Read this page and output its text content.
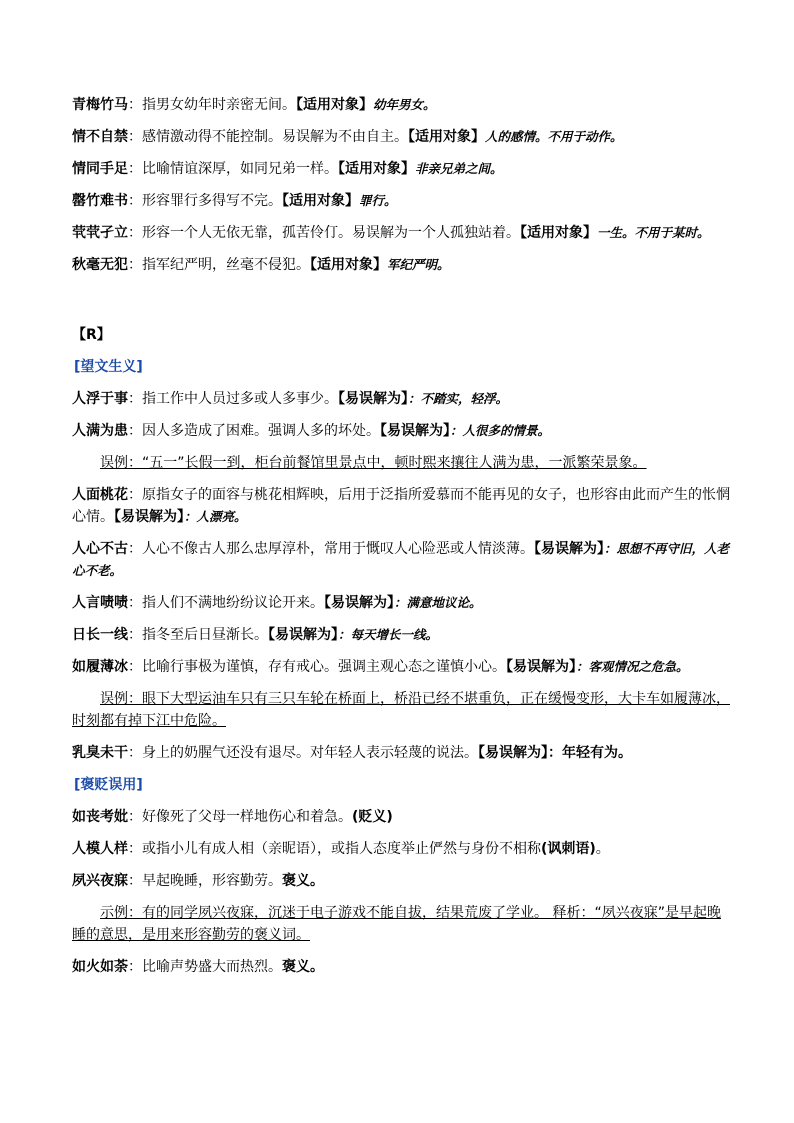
青梅竹马：指男女幼年时亲密无间。【适用对象】幼年男女。

情不自禁：感情激动得不能控制。易误解为不由自主。【适用对象】人的感情。不用于动作。

情同手足：比喻情谊深厚，如同兄弟一样。【适用对象】非亲兄弟之间。

罄竹难书：形容罪行多得写不完。【适用对象】罪行。

茕茕孑立：形容一个人无依无靠，孤苦伶仃。易误解为一个人孤独站着。【适用对象】一生。不用于某时。

秋毫无犯：指军纪严明，丝毫不侵犯。【适用对象】军纪严明。

【R】

[望文生义]

人浮于事：指工作中人员过多或人多事少。【易误解为】：不踏实，轻浮。

人满为患：因人多造成了困难。强调人多的坏处。【易误解为】：人很多的情景。

误例：“五一”长假一到，柜台前餐馆里景点中，顿时熙来攘往人满为患，一派繁荣景象。

人面桃花：原指女子的面容与桃花相辉映，后用于泛指所爱慕而不能再见的女子，也形容由此而产生的怅惘心情。【易误解为】：人漂亮。

人心不古：人心不像古人那么忠厚淳朴，常用于慨叹人心险恶或人情淡薄。【易误解为】：思想不再守旧，人老心不老。

人言啧啧：指人们不满地纷纷议论开来。【易误解为】：满意地议论。

日长一线：指冬至后日昼渐长。【易误解为】：每天增长一线。

如履薄冰：比喻行事极为谨慎，存有戒心。强调主观心态之谨慎小心。【易误解为】：客观情况之危急。

误例：眼下大型运油车只有三只车轮在桥面上，桥沿已经不堪重负，正在缓慢变形，大卡车如履薄冰，时刻都有掉下江中危险。

乳臭未干：身上的奶腥气还没有退尽。对年轻人表示轻蔑的说法。【易误解为】：年轻有为。

[褒贬误用]

如丧考妣：好像死了父母一样地伤心和着急。(贬义)

人模人样：或指小儿有成人相（亲昵语），或指人态度举止俨然与身份不相称(讽刺语)。

夙兴夜寐：早起晚睡，形容勤劳。褒义。

示例：有的同学夙兴夜寐，沉迷于电子游戏不能自拔，结果荒废了学业。 释析：“夙兴夜寐”是早起晚睡的意思，是用来形容勤劳的褒义词。

如火如荼：比喻声势盛大而热烈。褒义。
